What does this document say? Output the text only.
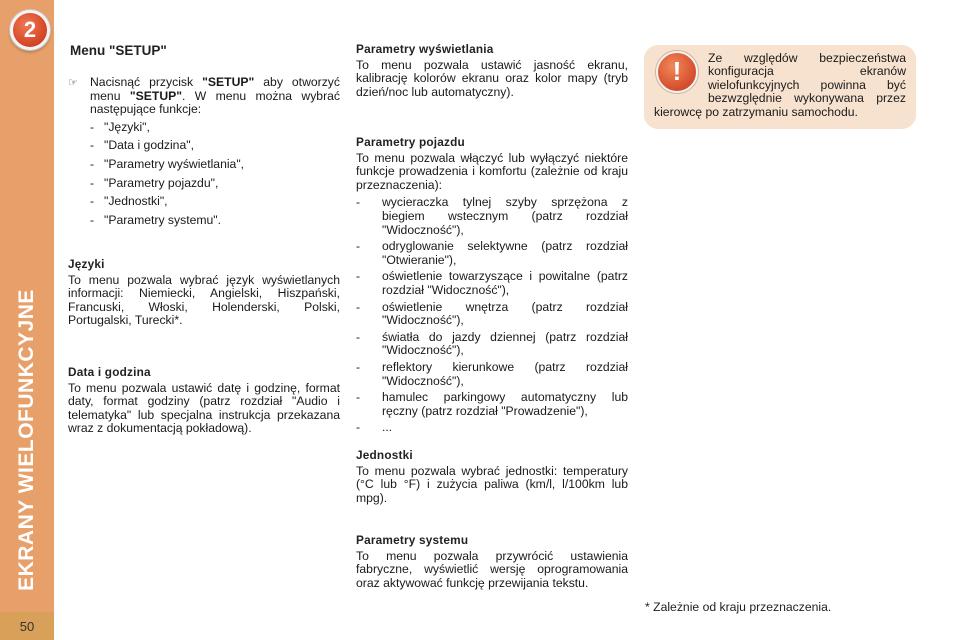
2
EKRANY WIELOFUNKCYJNE
50
Menu "SETUP"
☞ Nacisnąć przycisk "SETUP" aby otworzyć menu "SETUP". W menu można wybrać następujące funkcje:
- "Języki",
- "Data i godzina",
- "Parametry wyświetlania",
- "Parametry pojazdu",
- "Jednostki",
- "Parametry systemu".
Języki

To menu pozwala wybrać język wyświetlanych informacji: Niemiecki, Angielski, Hiszpański, Francuski, Włoski, Holenderski, Polski, Portugalski, Turecki*.

Data i godzina

To menu pozwala ustawić datę i godzinę, format daty, format godziny (patrz rozdział "Audio i telematyka" lub specjalna instrukcja przekazana wraz z dokumentacją pokładową).

Parametry wyświetlania

To menu pozwala ustawić jasność ekranu, kalibrację kolorów ekranu oraz kolor mapy (tryb dzień/noc lub automatyczny).

Parametry pojazdu

To menu pozwala włączyć lub wyłączyć niektóre funkcje prowadzenia i komfortu (zależnie od kraju przeznaczenia):

-	wycieraczka tylnej szyby sprzężona z biegiem wstecznym (patrz rozdział "Widoczność"),
-	odryglowanie selektywne (patrz rozdział "Otwieranie"),
-	oświetlenie towarzyszące i powitalne (patrz rozdział "Widoczność"),
-	oświetlenie wnętrza (patrz rozdział "Widoczność"),
-	światła do jazdy dziennej (patrz rozdział "Widoczność"),
-	reflektory kierunkowe (patrz rozdział "Widoczność"),
-	hamulec parkingowy automatyczny lub ręczny (patrz rozdział "Prowadzenie"),
-	...
Jednostki

To menu pozwala wybrać jednostki: temperatury (°C lub °F) i zużycia paliwa (km/l, l/100km lub mpg).

Parametry systemu

To menu pozwala przywrócić ustawienia fabryczne, wyświetlić wersję oprogramowania oraz aktywować funkcję przewijania tekstu.

!	Ze względów bezpieczeństwa konfiguracja ekranów wielofunkcyjnych powinna być bezwzględnie wykonywana przez kierowcę po zatrzymaniu samochodu.

* Zależnie od kraju przeznaczenia.
